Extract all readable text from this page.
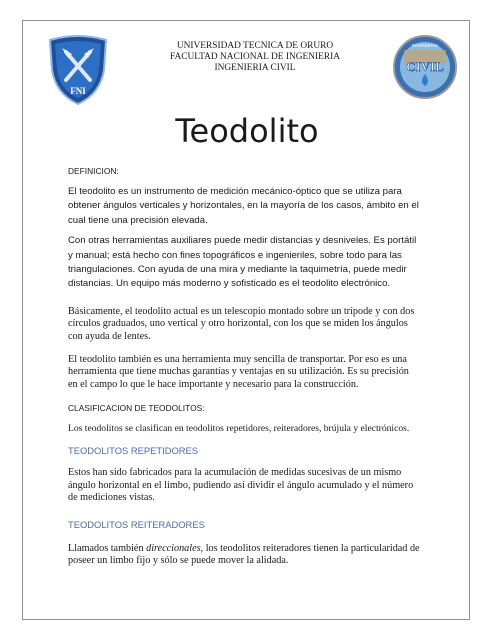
FNI
CIVIL
INGENIERIA
UNIVERSIDAD TECNICA DE ORURO
FACULTAD NACIONAL DE INGENIERIA
INGENIERIA CIVIL
Teodolito

DEFINICION:

El teodolito es un instrumento de medición mecánico-óptico que se utiliza para obtener ángulos verticales y horizontales, en la mayoría de los casos, ámbito en el cual tiene una precisión elevada.

Con otras herramientas auxiliares puede medir distancias y desniveles. Es portátil y manual; está hecho con fines topográficos e ingenieriles, sobre todo para las triangulaciones. Con ayuda de una mira y mediante la taquimetría, puede medir distancias. Un equipo más moderno y sofisticado es el teodolito electrónico.

Básicamente, el teodolito actual es un telescopio montado sobre un trípode y con dos círculos graduados, uno vertical y otro horizontal, con los que se miden los ángulos con ayuda de lentes.

El teodolito también es una herramienta muy sencilla de transportar. Por eso es una herramienta que tiene muchas garantías y ventajas en su utilización. Es su precisión en el campo lo que le hace importante y necesario para la construcción.

CLASIFICACION DE TEODOLITOS:

Los teodolitos se clasifican en teodolitos repetidores, reiteradores, brújula y electrónicos.

TEODOLITOS REPETIDORES

Estos han sido fabricados para la acumulación de medidas sucesivas de un mismo ángulo horizontal en el limbo, pudiendo así dividir el ángulo acumulado y el número de mediciones vistas.

TEODOLITOS REITERADORES

Llamados también direccionales, los teodolitos reiteradores tienen la particularidad de poseer un limbo fijo y sólo se puede mover la alidada.
